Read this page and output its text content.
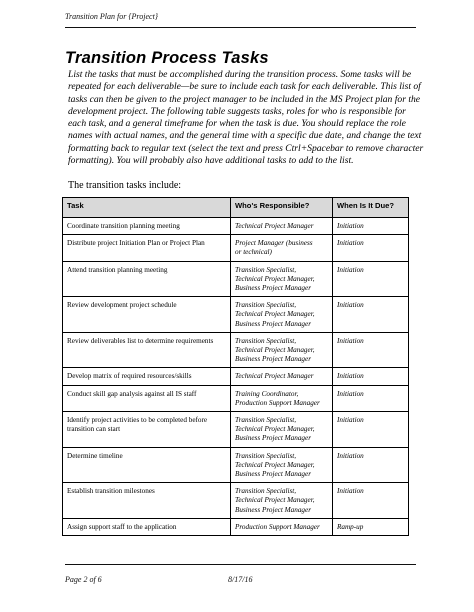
Transition Plan for {Project}
Transition Process Tasks
List the tasks that must be accomplished during the transition process. Some tasks will be repeated for each deliverable—be sure to include each task for each deliverable. This list of tasks can then be given to the project manager to be included in the MS Project plan for the development project. The following table suggests tasks, roles for who is responsible for each task, and a general timeframe for when the task is due. You should replace the role names with actual names, and the general time with a specific due date, and change the text formatting back to regular text (select the text and press Ctrl+Spacebar to remove character formatting). You will probably also have additional tasks to add to the list.
The transition tasks include:
Task	Who's Responsible?	When Is It Due?
Coordinate transition planning meeting	Technical Project Manager	Initiation
Distribute project Initiation Plan or Project Plan	Project Manager (business
or technical)	Initiation
Attend transition planning meeting	Transition Specialist,
Technical Project Manager,
Business Project Manager	Initiation
Review development project schedule	Transition Specialist,
Technical Project Manager,
Business Project Manager	Initiation
Review deliverables list to determine requirements	Transition Specialist,
Technical Project Manager,
Business Project Manager	Initiation
Develop matrix of required resources/skills	Technical Project Manager	Initiation
Conduct skill gap analysis against all IS staff	Training Coordinator,
Production Support Manager	Initiation
Identify project activities to be completed before transition can start	Transition Specialist,
Technical Project Manager,
Business Project Manager	Initiation
Determine timeline	Transition Specialist,
Technical Project Manager,
Business Project Manager	Initiation
Establish transition milestones	Transition Specialist,
Technical Project Manager,
Business Project Manager	Initiation
Assign support staff to the application	Production Support Manager	Ramp-up
Page 2 of 6	8/17/16
